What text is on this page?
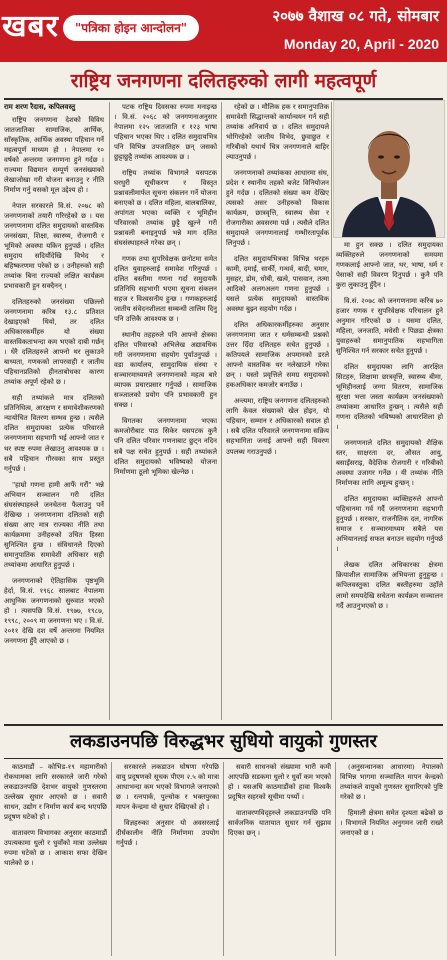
खबर	"पत्रिका होइन आन्दोलन"
२०७७ वैशाख ०८ गते, सोमबार
Monday 20, April - 2020
राष्ट्रिय जनगणना दलितहरुको लागी महत्वपूर्ण
राम शरण रैदास, कपिलवस्तु

राष्ट्रिय जनगणना देशको विविध जातजातिका सामाजिक, आर्थिक, साँस्कृतिक, आर्थिक अवस्था पहिचान गर्ने महत्वपूर्ण माध्यम हो । नेपालमा १० वर्षको अन्तरमा जनगणना हुने गर्दछ । राज्यमा विद्यमान सम्पूर्ण जनसंख्याको लेखाजोखा गरी योजना बनाउनु र नीति निर्माण गर्नु यसको मूल उद्देश्य हो ।

नेपाल सरकारले वि.सं. २०७८ को जनगणनाको तयारी गरिरहेको छ । यस जनगणनामा दलित समुदायको वास्तविक जनसंख्या, शिक्षा, स्वास्थ्य, रोजगारी र भूमिको अवस्था यकिन हुनुपर्छ । दलित समुदाय सदियौंदेखि विभेद र बहिष्करणमा परेको छ । उनीहरुको सही तथ्यांक बिना राज्यको लक्षित कार्यक्रम प्रभावकारी हुन सक्दैनन् ।

दलितहरुको जनसंख्या पछिल्लो जनगणनामा करिब १३.८ प्रतिशत देखाइएको थियो, तर दलित अधिकारकर्मीहरु यो संख्या वास्तविकताभन्दा कम भएको दाबी गर्छन् । धेरै दलितहरुले आफ्नो थर लुकाउने बाध्यता, गणकको लापरवाही र जातीय पहिचानप्रतिको हीनताबोधका कारण तथ्यांक अपूर्ण रहेको छ ।

सही तथ्यांकले मात्र दलितको प्रतिनिधित्व, आरक्षण र समावेशीकरणको न्यायोचित वितरण सम्भव हुन्छ । त्यसैले दलित समुदायका प्रत्येक परिवारले जनगणनामा सहभागी भई आफ्नो जात र थर स्पष्ट रुपमा लेखाउनु आवश्यक छ । सबै पहिचान गौरवका साथ प्रस्तुत गर्नुपर्छ ।

"हाम्रो गणना हामी आफैं गरौं" भन्ने अभियान सञ्चालन गरी दलित संघसंस्थाहरुले जनचेतना फैलाउनु पर्ने देखिन्छ । जनगणनामा दलितको सही संख्या आए मात्र राज्यका नीति तथा कार्यक्रममा उनीहरुको उचित हिस्सा सुनिश्चित हुन्छ । संविधानले दिएको समानुपातिक समावेशी अधिकार सही तथ्यांकमा आधारित हुनुपर्छ ।

जनगणनाको ऐतिहासिक पृष्ठभूमि हेर्दा, वि.सं. १९६८ सालबाट नेपालमा आधुनिक जनगणनाको सुरुवात भएको हो । त्यसपछि वि.सं. १९७७, १९८७, १९९८, २००९ मा जनगणना भए । वि.सं. २०११ देखि दश वर्षे अन्तरमा नियमित जनगणना हुँदै आएको छ ।

पटक राष्ट्रिय दिवसका रुपमा मनाइन्छ । वि.सं. २०६८ को जनगणनाअनुसार नेपालमा १२५ जातजाति र १२३ भाषा पहिचान भएका थिए । दलित समुदायभित्र पनि विभिन्न उपजातिहरु छन् जसको छुट्टाछुट्टै तथ्यांक आवश्यक छ ।

राष्ट्रिय तथ्यांक विभागले यसपटक घरधुरी सूचीकरण र विस्तृत प्रश्नावलीमार्फत सूचना संकलन गर्ने योजना बनाएको छ । दलित महिला, बालबालिका, अपांगता भएका व्यक्ति र भूमिहीन परिवारको तथ्यांक छुट्टै खुल्ने गरी प्रश्नावली बनाइनुपर्छ भन्ने माग दलित संघसंस्थाहरुले गरेका छन् ।

गणक तथा सुपरिवेक्षक छनोटमा समेत दलित युवाहरुलाई समावेश गरिनुपर्छ । दलित बस्तीमा गणना गर्दा समुदायकै प्रतिनिधि सहभागी भएमा सूचना संकलन सहज र विश्वसनीय हुन्छ । गणकहरुलाई जातीय संवेदनशीलता सम्बन्धी तालिम दिनु पनि उत्तिकै आवश्यक छ ।

स्थानीय तहहरुले पनि आफ्नो क्षेत्रका दलित परिवारको अभिलेख अद्यावधिक गरी जनगणनामा सहयोग पुर्याउनुपर्छ । वडा कार्यालय, सामुदायिक संस्था र सञ्चारमाध्यमले जनगणनाको महत्व बारे व्यापक प्रचारप्रसार गर्नुपर्छ । सामाजिक सञ्जालको प्रयोग पनि प्रभावकारी हुन सक्छ ।

विगतका जनगणनामा भएका कमजोरीबाट पाठ सिकेर यसपटक कुनै पनि दलित परिवार गणनाबाट छुट्न नदिन सबै पक्ष सचेत हुनुपर्छ । सही तथ्यांकले दलित समुदायको भविष्यको योजना निर्माणमा ठूलो भूमिका खेल्नेछ ।

रहेको छ । मौलिक हक र समानुपातिक समावेशी सिद्धान्तको कार्यान्वयन गर्न सही तथ्यांक अनिवार्य छ । दलित समुदायले भोगिरहेको जातीय विभेद, छुवाछुत र गरिबीको यथार्थ चित्र जनगणनाले बाहिर ल्याउनुपर्छ ।

जनगणनाको तथ्यांकका आधारमा संघ, प्रदेश र स्थानीय तहको बजेट विनियोजन हुने गर्दछ । दलितको संख्या कम देखिए त्यसको असर उनीहरुको विकास कार्यक्रम, छात्रवृत्ति, स्वास्थ्य सेवा र रोजगारीका अवसरमा पर्छ । त्यसैले दलित समुदायले जनगणनालाई गम्भीरतापूर्वक लिनुपर्छ ।

दलित समुदायभित्रका विभिन्न थरहरु कामी, दमाई, सार्की, गन्धर्व, बादी, चमार, मुसहर, डोम, धोबी, खत्वे, पासवान, तत्मा आदिको अलगअलग गणना हुनुपर्छ । यसले प्रत्येक समुदायको वास्तविक अवस्था बुझ्न सहयोग गर्दछ ।

दलित अधिकारकर्मीहरुका अनुसार जनगणनामा जात र धर्मसम्बन्धी प्रश्नको उत्तर दिँदा दलितहरु सचेत हुनुपर्छ । कतिपयले सामाजिक अपमानको डरले आफ्नो वास्तविक थर नलेखाउने गरेका छन् । यस्तो प्रवृत्तिले समग्र समुदायको हकअधिकार कमजोर बनाउँछ ।

अन्त्यमा, राष्ट्रिय जनगणना दलितहरुको लागि केवल संख्याको खेल होइन, यो पहिचान, सम्मान र अधिकारको सवाल हो । सबै दलित परिवारले जनगणनामा सक्रिय सहभागिता जनाई आफ्नो सही विवरण उपलब्ध गराउनुपर्छ ।

मा हुन सक्छ । दलित समुदायका व्यक्तिहरुले जनगणनाको समयमा गणकलाई आफ्नो जात, थर, भाषा, धर्म र पेसाको सही विवरण दिनुपर्छ । कुनै पनि कुरा लुकाउनु हुँदैन ।

वि.सं. २०७८ को जनगणनामा करिब ७० हजार गणक र सुपरिवेक्षक परिचालन हुने अनुमान गरिएको छ । यसमा दलित, महिला, जनजाति, मधेसी र पिछडा क्षेत्रका युवाहरुको समानुपातिक सहभागिता सुनिश्चित गर्न सरकार सचेत हुनुपर्छ ।

दलित समुदायका लागि आरक्षित सिटहरु, शिक्षामा छात्रवृत्ति, स्वास्थ्य बीमा, भूमिहीनलाई जग्गा वितरण, सामाजिक सुरक्षा भत्ता जस्ता कार्यक्रम जनसंख्याको तथ्यांकमा आधारित हुन्छन् । त्यसैले सही गणना दलितको भविष्यको आधारशिला हो ।

जनगणनाले दलित समुदायको शैक्षिक स्तर, साक्षरता दर, औसत आयु, बसाइँसराइ, वैदेशिक रोजगारी र गरिबीको अवस्था उजागर गर्नेछ । यी तथ्यांक नीति निर्माणका लागि अमूल्य हुन्छन् ।

दलित समुदायका व्यक्तिहरुले आफ्नो पहिचानमा गर्व गर्दै जनगणनामा सहभागी हुनुपर्छ । सरकार, राजनीतिक दल, नागरिक समाज र सञ्चारमाध्यम सबैले यस अभियानलाई सफल बनाउन सहयोग गर्नुपर्छ ।

लेखक दलित अधिकारका क्षेत्रमा क्रियाशील सामाजिक अभियन्ता हुनुहुन्छ । कपिलवस्तुका दलित बस्तीहरुमा उहाँले लामो समयदेखि सचेतना कार्यक्रम सञ्चालन गर्दै आउनुभएको छ ।

लकडाउनपछि विरुद्धभर सुधियो वायुको गुणस्तर

काठमाडौं – कोभिड-१९ महामारीको रोकथामका लागि सरकारले जारी गरेको लकडाउनपछि देशभर वायुको गुणस्तरमा उल्लेख्य सुधार आएको छ । सवारी साधन, उद्योग र निर्माण कार्य बन्द भएपछि प्रदूषण घटेको हो ।

वातावरण विभागका अनुसार काठमाडौं उपत्यकामा धुलो र धुवाँको मात्रा उल्लेख्य रुपमा घटेको छ । आकाश सफा देखिन थालेको छ ।

सरकारले लकडाउन घोषणा गरेपछि वायु प्रदूषणको सूचक पीएम २.५ को मात्रा आधाभन्दा कम भएको विभागले जनाएको छ । रत्नपार्क, पुल्चोक र भक्तपुरका मापन केन्द्रमा यो सुधार देखिएको हो ।

विज्ञहरुका अनुसार यो अवसरलाई दीर्घकालीन नीति निर्माणमा उपयोग गर्नुपर्छ ।

सवारी साधनको संख्यामा भारी कमी आएपछि सडकमा धुलो र धुवाँ कम भएको हो । यसअघि काठमाडौंको हावा विश्वकै प्रदूषित सहरको सूचीमा पर्थ्यो ।

वातावरणविद्हरुले लकडाउनपछि पनि सार्वजनिक यातायात सुधार गर्न सुझाव दिएका छन् ।

(अनुसन्धानका आधारमा) नेपालको विभिन्न भागमा सञ्चालित मापन केन्द्रको तथ्यांकले वायुको गुणस्तर सुधारिएको पुष्टि गरेको छ ।

हिमाली क्षेत्रमा समेत दृश्यता बढेको छ । विभागले नियमित अनुगमन जारी राख्ने जनाएको छ ।
